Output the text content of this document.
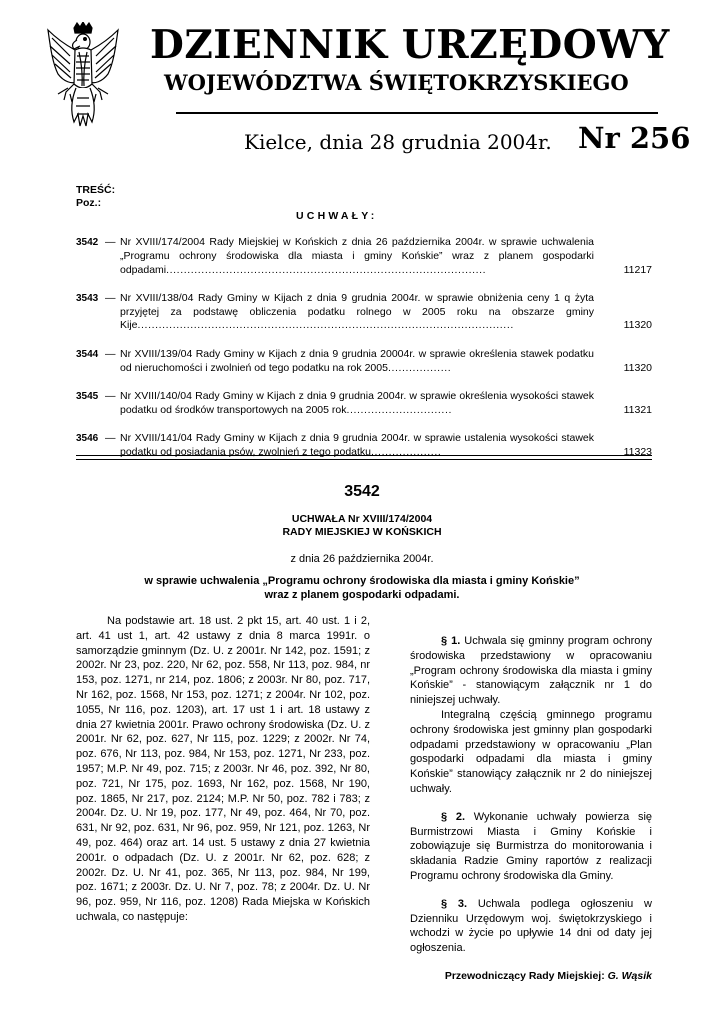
DZIENNIK URZĘDOWY
WOJEWÓDZTWA ŚWIĘTOKRZYSKIEGO
Kielce, dnia 28 grudnia 2004r. Nr 256
TREŚĆ:
Poz.:
UCHWAŁY:
3542 — Nr XVIII/174/2004 Rady Miejskiej w Końskich z dnia 26 października 2004r. w sprawie uchwalenia „Programu ochrony środowiska dla miasta i gminy Końskie” wraz z planem gospodarki odpadami...........................................................................................	11217
3543 — Nr XVIII/138/04 Rady Gminy w Kijach z dnia 9 grudnia 2004r. w sprawie obniżenia ceny 1 q żyta przyjętej za podstawę obliczenia podatku rolnego w 2005 roku na obszarze gminy Kije...........................................................................................................	11320
3544 — Nr XVIII/139/04 Rady Gminy w Kijach z dnia 9 grudnia 20004r. w sprawie określenia stawek podatku od nieruchomości i zwolnień od tego podatku na rok 2005..................	11320
3545 — Nr XVIII/140/04 Rady Gminy w Kijach z dnia 9 grudnia 2004r. w sprawie określenia wysokości stawek podatku od środków transportowych na 2005 rok..............................	11321
3546 — Nr XVIII/141/04 Rady Gminy w Kijach z dnia 9 grudnia 2004r. w sprawie ustalenia wysokości stawek podatku od posiadania psów, zwolnień z tego podatku....................	11323
3542
UCHWAŁA Nr XVIII/174/2004
RADY MIEJSKIEJ W KOŃSKICH
z dnia 26 października 2004r.
w sprawie uchwalenia „Programu ochrony środowiska dla miasta i gminy Końskie”
wraz z planem gospodarki odpadami.
Na podstawie art. 18 ust. 2 pkt 15, art. 40 ust. 1 i 2, art. 41 ust 1, art. 42 ustawy z dnia 8 marca 1991r. o samorządzie gminnym (Dz. U. z 2001r. Nr 142, poz. 1591; z 2002r. Nr 23, poz. 220, Nr 62, poz. 558, Nr 113, poz. 984, nr 153, poz. 1271, nr 214, poz. 1806; z 2003r. Nr 80, poz. 717, Nr 162, poz. 1568, Nr 153, poz. 1271; z 2004r. Nr 102, poz. 1055, Nr 116, poz. 1203), art. 17 ust 1 i art. 18 ustawy z dnia 27 kwietnia 2001r. Prawo ochrony środowiska (Dz. U. z 2001r. Nr 62, poz. 627, Nr 115, poz. 1229; z 2002r. Nr 74, poz. 676, Nr 113, poz. 984, Nr 153, poz. 1271, Nr 233, poz. 1957; M.P. Nr 49, poz. 715; z 2003r. Nr 46, poz. 392, Nr 80, poz. 721, Nr 175, poz. 1693, Nr 162, poz. 1568, Nr 190, poz. 1865, Nr 217, poz. 2124; M.P. Nr 50, poz. 782 i 783; z 2004r. Dz. U. Nr 19, poz. 177, Nr 49, poz. 464, Nr 70, poz. 631, Nr 92, poz. 631, Nr 96, poz. 959, Nr 121, poz. 1263, Nr 49, poz. 464) oraz art. 14 ust. 5 ustawy z dnia 27 kwietnia 2001r. o odpadach (Dz. U. z 2001r. Nr 62, poz. 628; z 2002r. Dz. U. Nr 41, poz. 365, Nr 113, poz. 984, Nr 199, poz. 1671; z 2003r. Dz. U. Nr 7, poz. 78; z 2004r. Dz. U. Nr 96, poz. 959, Nr 116, poz. 1208) Rada Miejska w Końskich uchwala, co następuje:

§ 1. Uchwala się gminny program ochrony środowiska przedstawiony w opracowaniu „Program ochrony środowiska dla miasta i gminy Końskie” - stanowiącym załącznik nr 1 do niniejszej uchwały.

Integralną częścią gminnego programu ochrony środowiska jest gminny plan gospodarki odpadami przedstawiony w opracowaniu „Plan gospodarki odpadami dla miasta i gminy Końskie” stanowiący załącznik nr 2 do niniejszej uchwały.

§ 2. Wykonanie uchwały powierza się Burmistrzowi Miasta i Gminy Końskie i zobowiązuje się Burmistrza do monitorowania i składania Radzie Gminy raportów z realizacji Programu ochrony środowiska dla Gminy.

§ 3. Uchwala podlega ogłoszeniu w Dzienniku Urzędowym woj. świętokrzyskiego i wchodzi w życie po upływie 14 dni od daty jej ogłoszenia.

Przewodniczący Rady Miejskiej: G. Wąsik
